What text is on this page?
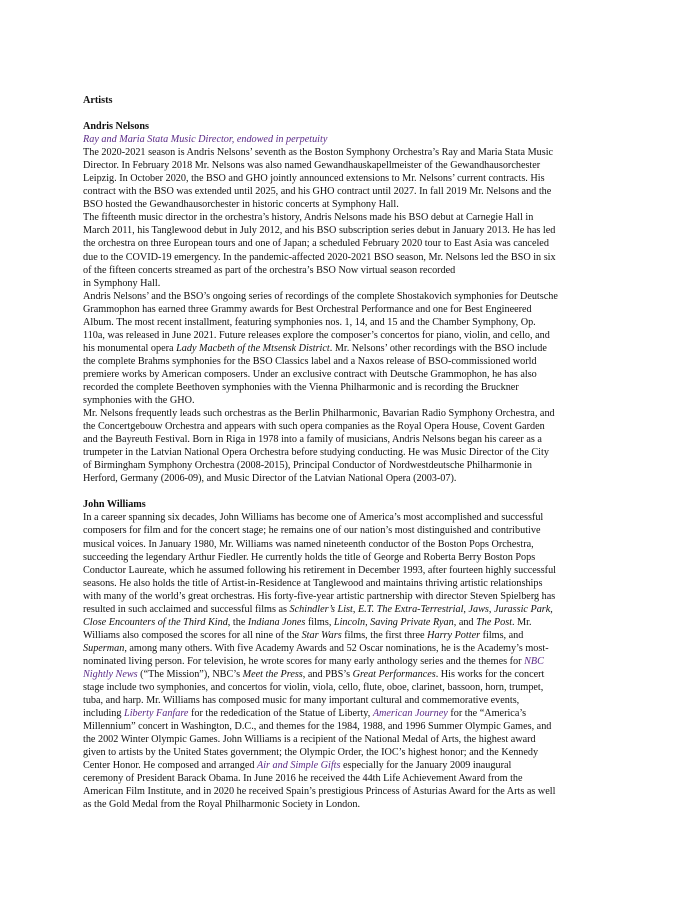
Artists

Andris Nelsons

Ray and Maria Stata Music Director, endowed in perpetuity

The 2020-2021 season is Andris Nelsons’ seventh as the Boston Symphony Orchestra’s Ray and Maria Stata Music
Director. In February 2018 Mr. Nelsons was also named Gewandhauskapellmeister of the Gewandhausorchester
Leipzig. In October 2020, the BSO and GHO jointly announced extensions to Mr. Nelsons’ current contracts. His
contract with the BSO was extended until 2025, and his GHO contract until 2027. In fall 2019 Mr. Nelsons and the
BSO hosted the Gewandhausorchester in historic concerts at Symphony Hall.

The fifteenth music director in the orchestra’s history, Andris Nelsons made his BSO debut at Carnegie Hall in
March 2011, his Tanglewood debut in July 2012, and his BSO subscription series debut in January 2013. He has led
the orchestra on three European tours and one of Japan; a scheduled February 2020 tour to East Asia was canceled
due to the COVID-19 emergency. In the pandemic-affected 2020-2021 BSO season, Mr. Nelsons led the BSO in six
of the fifteen concerts streamed as part of the orchestra’s BSO Now virtual season recorded
in Symphony Hall.

Andris Nelsons’ and the BSO’s ongoing series of recordings of the complete Shostakovich symphonies for Deutsche
Grammophon has earned three Grammy awards for Best Orchestral Performance and one for Best Engineered
Album. The most recent installment, featuring symphonies nos. 1, 14, and 15 and the Chamber Symphony, Op.
110a, was released in June 2021. Future releases explore the composer’s concertos for piano, violin, and cello, and
his monumental opera Lady Macbeth of the Mtsensk District. Mr. Nelsons’ other recordings with the BSO include
the complete Brahms symphonies for the BSO Classics label and a Naxos release of BSO-commissioned world
premiere works by American composers. Under an exclusive contract with Deutsche Grammophon, he has also
recorded the complete Beethoven symphonies with the Vienna Philharmonic and is recording the Bruckner
symphonies with the GHO.

Mr. Nelsons frequently leads such orchestras as the Berlin Philharmonic, Bavarian Radio Symphony Orchestra, and
the Concertgebouw Orchestra and appears with such opera companies as the Royal Opera House, Covent Garden
and the Bayreuth Festival. Born in Riga in 1978 into a family of musicians, Andris Nelsons began his career as a
trumpeter in the Latvian National Opera Orchestra before studying conducting. He was Music Director of the City
of Birmingham Symphony Orchestra (2008-2015), Principal Conductor of Nordwestdeutsche Philharmonie in
Herford, Germany (2006-09), and Music Director of the Latvian National Opera (2003-07).

John Williams

In a career spanning six decades, John Williams has become one of America’s most accomplished and successful
composers for film and for the concert stage; he remains one of our nation’s most distinguished and contributive
musical voices. In January 1980, Mr. Williams was named nineteenth conductor of the Boston Pops Orchestra,
succeeding the legendary Arthur Fiedler. He currently holds the title of George and Roberta Berry Boston Pops
Conductor Laureate, which he assumed following his retirement in December 1993, after fourteen highly successful
seasons. He also holds the title of Artist-in-Residence at Tanglewood and maintains thriving artistic relationships
with many of the world’s great orchestras. His forty-five-year artistic partnership with director Steven Spielberg has
resulted in such acclaimed and successful films as Schindler’s List, E.T. The Extra-Terrestrial, Jaws, Jurassic Park,
Close Encounters of the Third Kind, the Indiana Jones films, Lincoln, Saving Private Ryan, and The Post. Mr.
Williams also composed the scores for all nine of the Star Wars films, the first three Harry Potter films, and
Superman, among many others. With five Academy Awards and 52 Oscar nominations, he is the Academy’s most-
nominated living person. For television, he wrote scores for many early anthology series and the themes for NBC
Nightly News (“The Mission”), NBC’s Meet the Press, and PBS’s Great Performances. His works for the concert
stage include two symphonies, and concertos for violin, viola, cello, flute, oboe, clarinet, bassoon, horn, trumpet,
tuba, and harp. Mr. Williams has composed music for many important cultural and commemorative events,
including Liberty Fanfare for the rededication of the Statue of Liberty, American Journey for the “America’s
Millennium” concert in Washington, D.C., and themes for the 1984, 1988, and 1996 Summer Olympic Games, and
the 2002 Winter Olympic Games. John Williams is a recipient of the National Medal of Arts, the highest award
given to artists by the United States government; the Olympic Order, the IOC’s highest honor; and the Kennedy
Center Honor. He composed and arranged Air and Simple Gifts especially for the January 2009 inaugural
ceremony of President Barack Obama. In June 2016 he received the 44th Life Achievement Award from the
American Film Institute, and in 2020 he received Spain’s prestigious Princess of Asturias Award for the Arts as well
as the Gold Medal from the Royal Philharmonic Society in London.
